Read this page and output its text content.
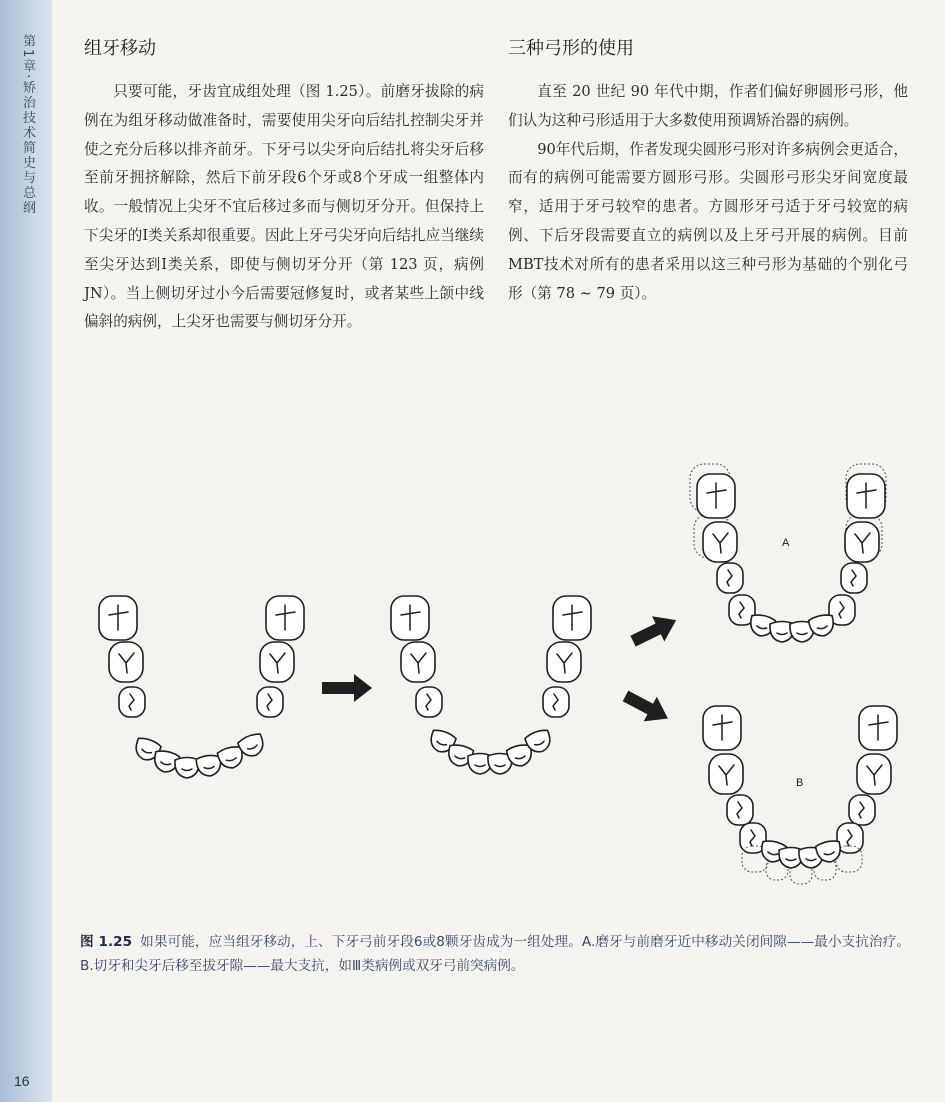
第1章·矫治技术简史与总纲
16
组牙移动

只要可能，牙齿宜成组处理（图 1.25）。前磨牙拔除的病例在为组牙移动做准备时，需要使用尖牙向后结扎控制尖牙并使之充分后移以排齐前牙。下牙弓以尖牙向后结扎将尖牙后移至前牙拥挤解除，然后下前牙段6个牙或8个牙成一组整体内收。一般情况上尖牙不宜后移过多而与侧切牙分开。但保持上下尖牙的I类关系却很重要。因此上牙弓尖牙向后结扎应当继续至尖牙达到I类关系，即使与侧切牙分开（第 123 页，病例 JN）。当上侧切牙过小今后需要冠修复时，或者某些上颌中线偏斜的病例，上尖牙也需要与侧切牙分开。

三种弓形的使用

直至 20 世纪 90 年代中期，作者们偏好卵圆形弓形，他们认为这种弓形适用于大多数使用预调矫治器的病例。

90年代后期，作者发现尖圆形弓形对许多病例会更适合，而有的病例可能需要方圆形弓形。尖圆形弓形尖牙间宽度最窄，适用于牙弓较窄的患者。方圆形牙弓适于牙弓较宽的病例、下后牙段需要直立的病例以及上牙弓开展的病例。目前MBT技术对所有的患者采用以这三种弓形为基础的个别化弓形（第 78 ~ 79 页）。

A
B
图 1.25 如果可能，应当组牙移动，上、下牙弓前牙段6或8颗牙齿成为一组处理。A.磨牙与前磨牙近中移动关闭间隙——最小支抗治疗。B.切牙和尖牙后移至拔牙隙——最大支抗，如Ⅲ类病例或双牙弓前突病例。
